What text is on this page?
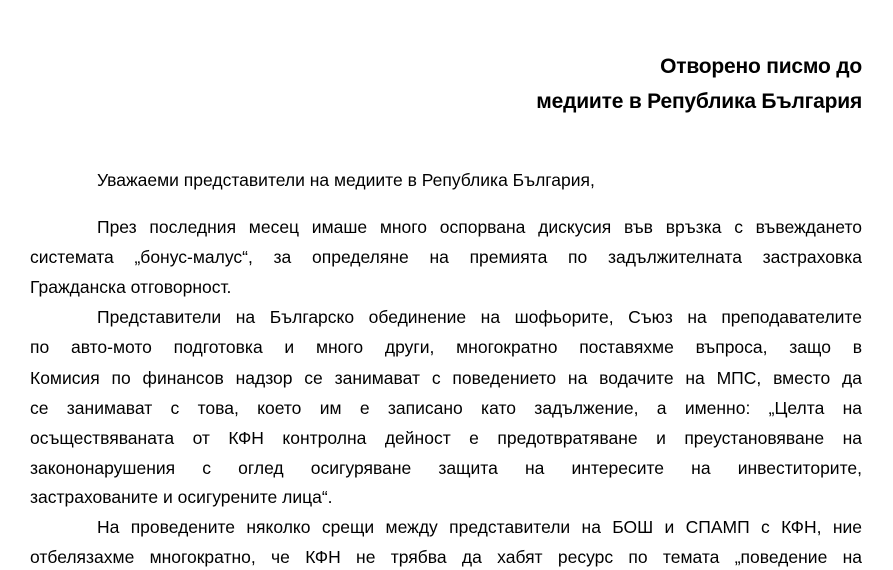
Отворено писмо до
медиите в Република България
Уважаеми представители на медиите в Република България,
През последния месец имаше много оспорвана дискусия във връзка с въвеждането
системата „бонус-малус“, за определяне на премията по задължителната застраховка
Гражданска отговорност.
Представители на Българско обединение на шофьорите, Съюз на преподавателите
по авто-мото подготовка и много други, многократно поставяхме въпроса, защо в
Комисия по финансов надзор се занимават с поведението на водачите на МПС, вместо да
се занимават с това, което им е записано като задължение, а именно: „Целта на
осъществяваната от КФН контролна дейност е предотвратяване и преустановяване на
закононарушения с оглед осигуряване защита на интересите на инвеститорите,
застрахованите и осигурените лица“.
На проведените няколко срещи между представители на БОШ и СПАМП с КФН, ние
отбелязахме многократно, че КФН не трябва да хабят ресурс по темата „поведение на
